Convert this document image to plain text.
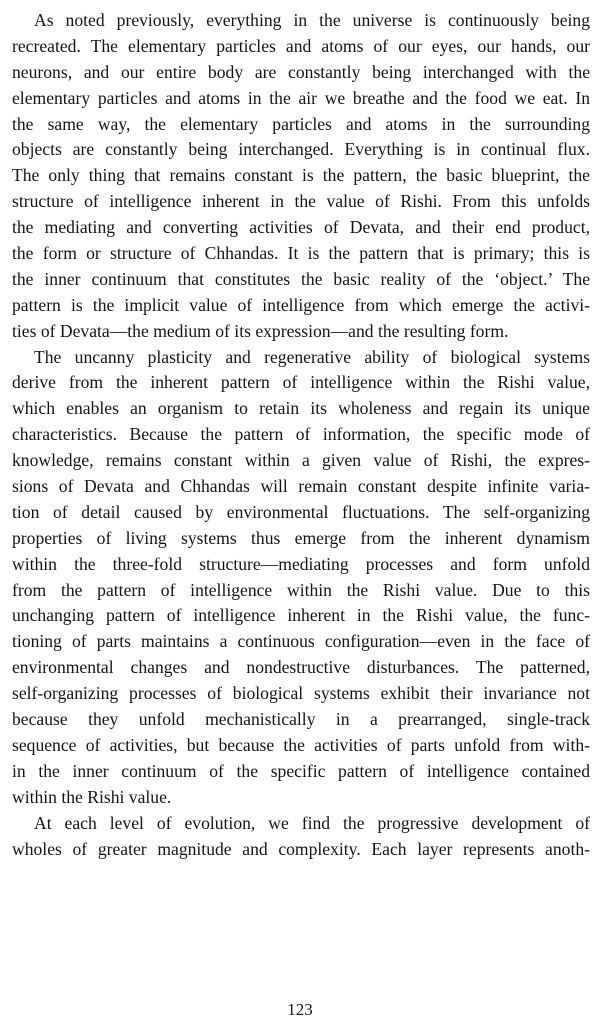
As noted previously, everything in the universe is continuously being
recreated. The elementary particles and atoms of our eyes, our hands, our
neurons, and our entire body are constantly being interchanged with the
elementary particles and atoms in the air we breathe and the food we eat. In
the same way, the elementary particles and atoms in the surrounding
objects are constantly being interchanged. Everything is in continual flux.
The only thing that remains constant is the pattern, the basic blueprint, the
structure of intelligence inherent in the value of Rishi. From this unfolds
the mediating and converting activities of Devata, and their end product,
the form or structure of Chhandas. It is the pattern that is primary; this is
the inner continuum that constitutes the basic reality of the ‘object.’ The
pattern is the implicit value of intelligence from which emerge the activi-
ties of Devata—the medium of its expression—and the resulting form.
The uncanny plasticity and regenerative ability of biological systems
derive from the inherent pattern of intelligence within the Rishi value,
which enables an organism to retain its wholeness and regain its unique
characteristics. Because the pattern of information, the specific mode of
knowledge, remains constant within a given value of Rishi, the expres-
sions of Devata and Chhandas will remain constant despite infinite varia-
tion of detail caused by environmental fluctuations. The self-organizing
properties of living systems thus emerge from the inherent dynamism
within the three-fold structure—mediating processes and form unfold
from the pattern of intelligence within the Rishi value. Due to this
unchanging pattern of intelligence inherent in the Rishi value, the func-
tioning of parts maintains a continuous configuration—even in the face of
environmental changes and nondestructive disturbances. The patterned,
self-organizing processes of biological systems exhibit their invariance not
because they unfold mechanistically in a prearranged, single-track
sequence of activities, but because the activities of parts unfold from with-
in the inner continuum of the specific pattern of intelligence contained
within the Rishi value.
At each level of evolution, we find the progressive development of
wholes of greater magnitude and complexity. Each layer represents anoth-
123
